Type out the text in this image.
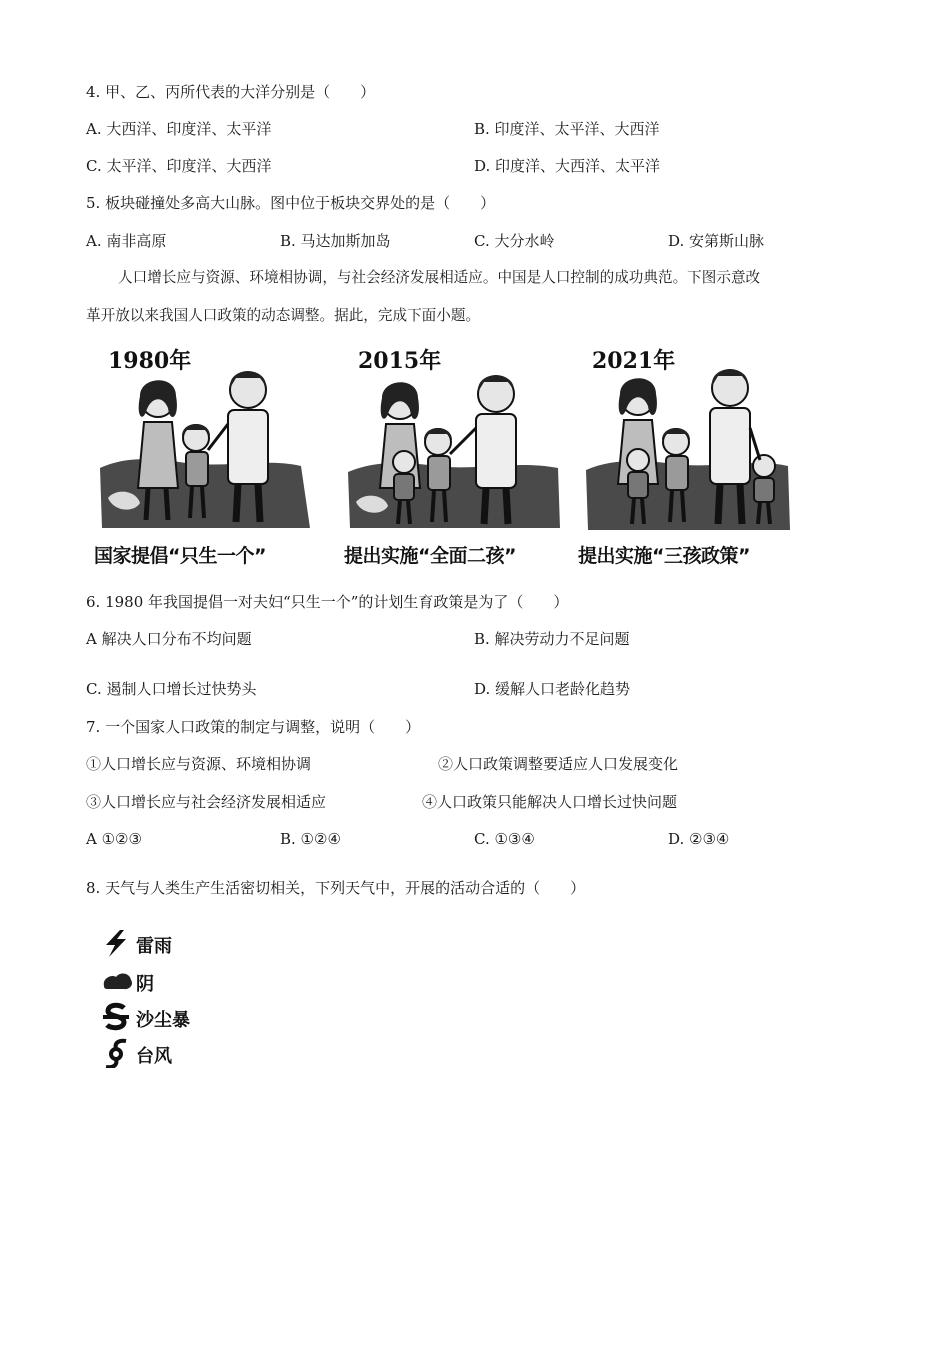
4. 甲、乙、丙所代表的大洋分别是（　　）
A. 大西洋、印度洋、太平洋	B. 印度洋、太平洋、大西洋
C. 太平洋、印度洋、大西洋	D. 印度洋、大西洋、太平洋
5. 板块碰撞处多高大山脉。图中位于板块交界处的是（　　）
A. 南非高原	B. 马达加斯加岛	C. 大分水岭	D. 安第斯山脉
人口增长应与资源、环境相协调，与社会经济发展相适应。中国是人口控制的成功典范。下图示意改
革开放以来我国人口政策的动态调整。据此，完成下面小题。
1980年
国家提倡“只生一个”
2015年
提出实施“全面二孩”
2021年
提出实施“三孩政策”
6. 1980 年我国提倡一对夫妇“只生一个”的计划生育政策是为了（　　）
A 解决人口分布不均问题	B. 解决劳动力不足问题
C. 遏制人口增长过快势头	D. 缓解人口老龄化趋势
7. 一个国家人口政策的制定与调整，说明（　　）
①人口增长应与资源、环境相协调	②人口政策调整要适应人口发展变化
③人口增长应与社会经济发展相适应	④人口政策只能解决人口增长过快问题
A ①②③	B. ①②④	C. ①③④	D. ②③④
8. 天气与人类生产生活密切相关，下列天气中，开展的活动合适的（　　）
雷雨
阴
沙尘暴
台风
